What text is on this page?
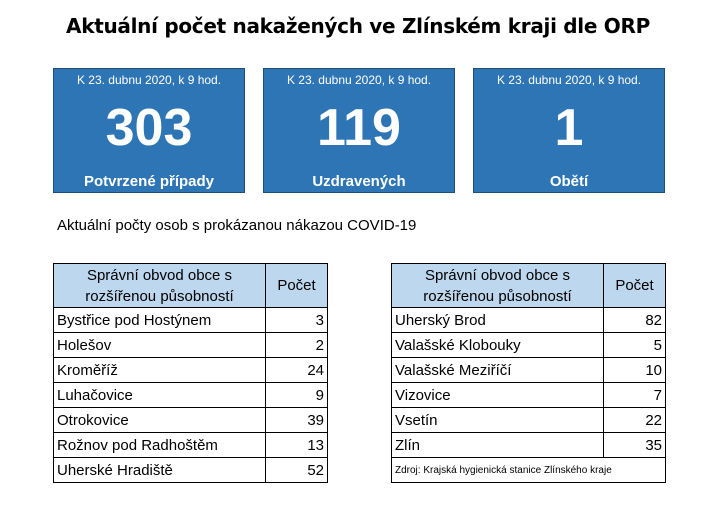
Aktuální počet nakažených ve Zlínském kraji dle ORP
K 23. dubnu 2020, k 9 hod.
303
Potvrzené případy
K 23. dubnu 2020, k 9 hod.
119
Uzdravených
K 23. dubnu 2020, k 9 hod.
1
Obětí
Aktuální počty osob s prokázanou nákazou COVID-19
Správní obvod obce s
rozšířenou působností	Počet
Bystřice pod Hostýnem	3
Holešov	2
Kroměříž	24
Luhačovice	9
Otrokovice	39
Rožnov pod Radhoštěm	13
Uherské Hradiště	52
Správní obvod obce s
rozšířenou působností	Počet
Uherský Brod	82
Valašské Klobouky	5
Valašské Meziříčí	10
Vizovice	7
Vsetín	22
Zlín	35
Zdroj: Krajská hygienická stanice Zlínského kraje	
